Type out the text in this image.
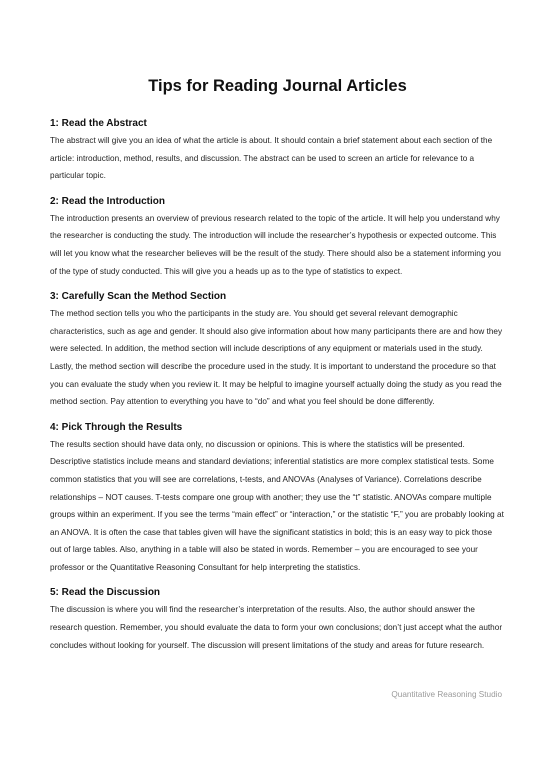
Tips for Reading Journal Articles
1: Read the Abstract

The abstract will give you an idea of what the article is about. It should contain a brief statement about each section of the article: introduction, method, results, and discussion. The abstract can be used to screen an article for relevance to a particular topic.

2: Read the Introduction

The introduction presents an overview of previous research related to the topic of the article. It will help you understand why the researcher is conducting the study. The introduction will include the researcher’s hypothesis or expected outcome. This will let you know what the researcher believes will be the result of the study. There should also be a statement informing you of the type of study conducted. This will give you a heads up as to the type of statistics to expect.

3: Carefully Scan the Method Section

The method section tells you who the participants in the study are. You should get several relevant demographic characteristics, such as age and gender. It should also give information about how many participants there are and how they were selected. In addition, the method section will include descriptions of any equipment or materials used in the study. Lastly, the method section will describe the procedure used in the study. It is important to understand the procedure so that you can evaluate the study when you review it. It may be helpful to imagine yourself actually doing the study as you read the method section. Pay attention to everything you have to “do” and what you feel should be done differently.

4: Pick Through the Results

The results section should have data only, no discussion or opinions. This is where the statistics will be presented. Descriptive statistics include means and standard deviations; inferential statistics are more complex statistical tests. Some common statistics that you will see are correlations, t-tests, and ANOVAs (Analyses of Variance). Correlations describe relationships – NOT causes. T-tests compare one group with another; they use the “t” statistic. ANOVAs compare multiple groups within an experiment. If you see the terms “main effect” or “interaction,” or the statistic “F,” you are probably looking at an ANOVA. It is often the case that tables given will have the significant statistics in bold; this is an easy way to pick those out of large tables. Also, anything in a table will also be stated in words. Remember – you are encouraged to see your professor or the Quantitative Reasoning Consultant for help interpreting the statistics.

5: Read the Discussion

The discussion is where you will find the researcher’s interpretation of the results. Also, the author should answer the research question. Remember, you should evaluate the data to form your own conclusions; don’t just accept what the author concludes without looking for yourself. The discussion will present limitations of the study and areas for future research.

Quantitative Reasoning Studio
